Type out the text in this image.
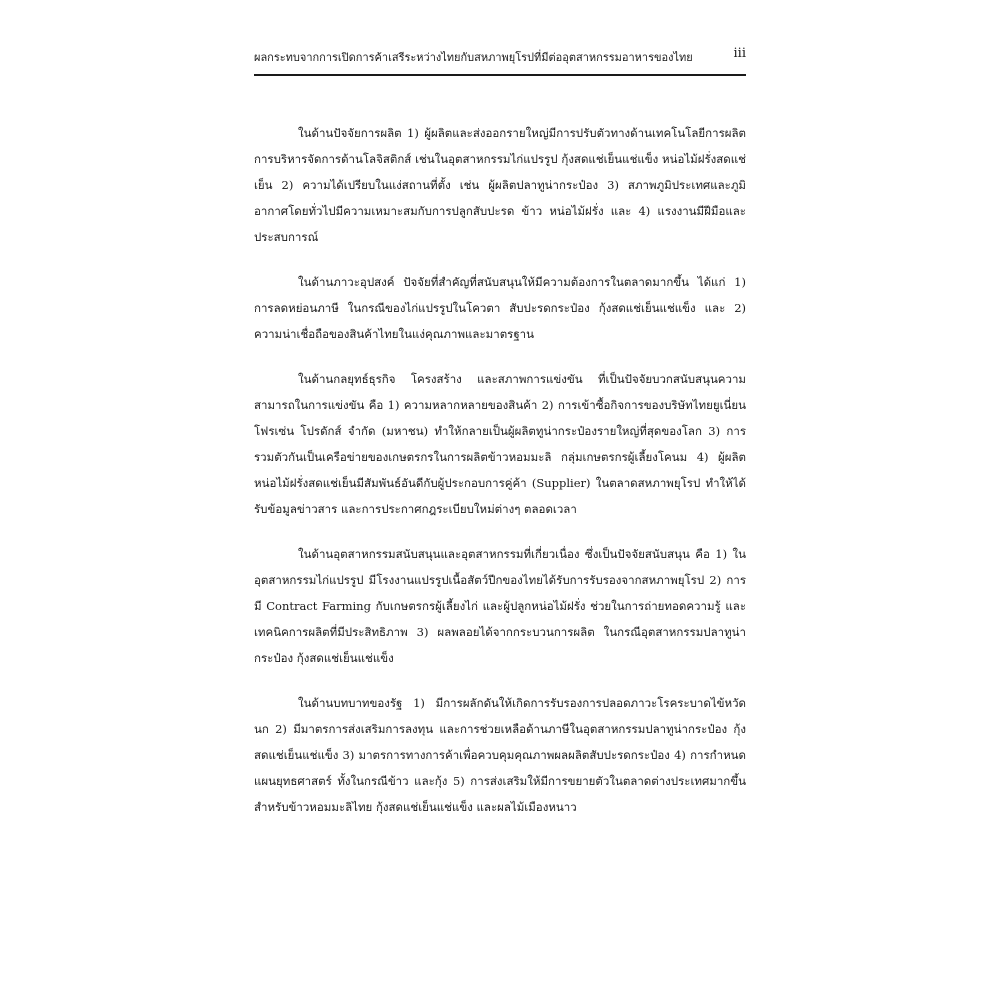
ผลกระทบจากการเปิดการค้าเสรีระหว่างไทยกับสหภาพยุโรปที่มีต่ออุตสาหกรรมอาหารของไทย	iii

ในด้านปัจจัยการผลิต 1) ผู้ผลิตและส่งออกรายใหญ่มีการปรับตัวทางด้านเทคโนโลยีการผลิต การบริหารจัดการด้านโลจิสติกส์ เช่นในอุตสาหกรรมไก่แปรรูป กุ้งสดแช่เย็นแช่แข็ง หน่อไม้ฝรั่งสดแช่เย็น 2) ความได้เปรียบในแง่สถานที่ตั้ง เช่น ผู้ผลิตปลาทูน่ากระป๋อง 3) สภาพภูมิประเทศและภูมิอากาศโดยทั่วไปมีความเหมาะสมกับการปลูกสับปะรด ข้าว หน่อไม้ฝรั่ง และ 4) แรงงานมีฝีมือและประสบการณ์

ในด้านภาวะอุปสงค์ ปัจจัยที่สำคัญที่สนับสนุนให้มีความต้องการในตลาดมากขึ้น ได้แก่ 1) การลดหย่อนภาษี ในกรณีของไก่แปรรูปในโควตา สับปะรดกระป๋อง กุ้งสดแช่เย็นแช่แข็ง และ 2) ความน่าเชื่อถือของสินค้าไทยในแง่คุณภาพและมาตรฐาน

ในด้านกลยุทธ์ธุรกิจ โครงสร้าง และสภาพการแข่งขัน ที่เป็นปัจจัยบวกสนับสนุนความสามารถในการแข่งขัน คือ 1) ความหลากหลายของสินค้า 2) การเข้าซื้อกิจการของบริษัทไทยยูเนี่ยน โฟรเซ่น โปรดักส์ จำกัด (มหาชน) ทำให้กลายเป็นผู้ผลิตทูน่ากระป๋องรายใหญ่ที่สุดของโลก 3) การรวมตัวกันเป็นเครือข่ายของเกษตรกรในการผลิตข้าวหอมมะลิ กลุ่มเกษตรกรผู้เลี้ยงโคนม 4) ผู้ผลิตหน่อไม้ฝรั่งสดแช่เย็นมีสัมพันธ์อันดีกับผู้ประกอบการคู่ค้า (Supplier) ในตลาดสหภาพยุโรป ทำให้ได้รับข้อมูลข่าวสาร และการประกาศกฎระเบียบใหม่ต่างๆ ตลอดเวลา

ในด้านอุตสาหกรรมสนับสนุนและอุตสาหกรรมที่เกี่ยวเนื่อง ซึ่งเป็นปัจจัยสนับสนุน คือ 1) ในอุตสาหกรรมไก่แปรรูป มีโรงงานแปรรูปเนื้อสัตว์ปีกของไทยได้รับการรับรองจากสหภาพยุโรป 2) การมี Contract Farming กับเกษตรกรผู้เลี้ยงไก่ และผู้ปลูกหน่อไม้ฝรั่ง ช่วยในการถ่ายทอดความรู้ และเทคนิคการผลิตที่มีประสิทธิภาพ 3) ผลพลอยได้จากกระบวนการผลิต ในกรณีอุตสาหกรรมปลาทูน่ากระป๋อง กุ้งสดแช่เย็นแช่แข็ง

ในด้านบทบาทของรัฐ 1) มีการผลักดันให้เกิดการรับรองการปลอดภาวะโรคระบาดไข้หวัดนก 2) มีมาตรการส่งเสริมการลงทุน และการช่วยเหลือด้านภาษีในอุตสาหกรรมปลาทูน่ากระป๋อง กุ้งสดแช่เย็นแช่แข็ง 3) มาตรการทางการค้าเพื่อควบคุมคุณภาพผลผลิตสับปะรดกระป๋อง 4) การกำหนดแผนยุทธศาสตร์ ทั้งในกรณีข้าว และกุ้ง 5) การส่งเสริมให้มีการขยายตัวในตลาดต่างประเทศมากขึ้น สำหรับข้าวหอมมะลิไทย กุ้งสดแช่เย็นแช่แข็ง และผลไม้เมืองหนาว
